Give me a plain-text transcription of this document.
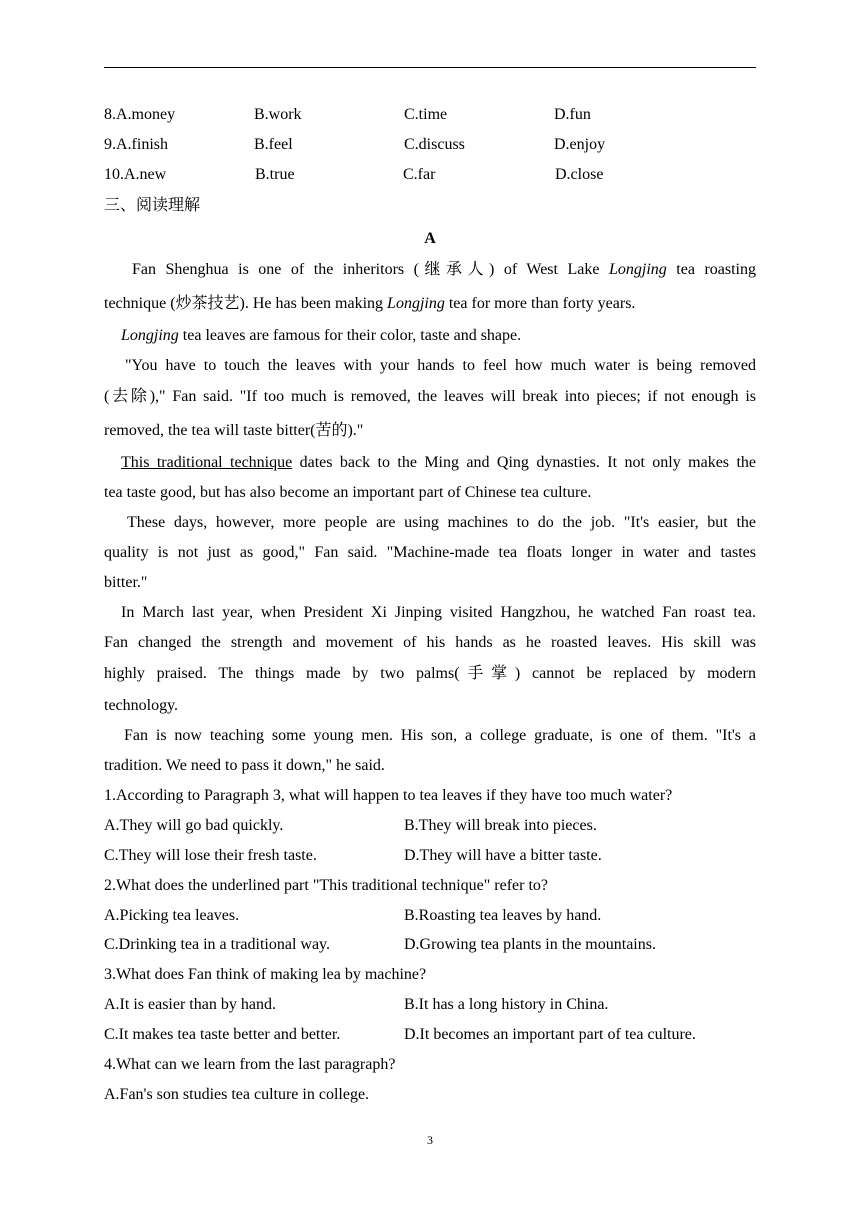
8.A.money	B.work	C.time	D.fun
9.A.finish	B.feel	C.discuss	D.enjoy
10.A.new	B.true	C.far	D.close
三、阅读理解
A
Fan Shenghua is one of the inheritors (继承人) of West Lake Longjing tea roasting
technique (炒茶技艺). He has been making Longjing tea for more than forty years.
Longjing tea leaves are famous for their color, taste and shape.
"You have to touch the leaves with your hands to feel how much water is being removed
(去除)," Fan said. "If too much is removed, the leaves will break into pieces; if not enough is
removed, the tea will taste bitter(苦的)."
This traditional technique dates back to the Ming and Qing dynasties. It not only makes the
tea taste good, but has also become an important part of Chinese tea culture.
These days, however, more people are using machines to do the job. "It's easier, but the
quality is not just as good," Fan said. "Machine-made tea floats longer in water and tastes
bitter."
In March last year, when President Xi Jinping visited Hangzhou, he watched Fan roast tea.
Fan changed the strength and movement of his hands as he roasted leaves. His skill was
highly praised. The things made by two palms(手掌) cannot be replaced by modern
technology.
Fan is now teaching some young men. His son, a college graduate, is one of them. "It's a
tradition. We need to pass it down," he said.
1.According to Paragraph 3, what will happen to tea leaves if they have too much water?
A.They will go bad quickly.	B.They will break into pieces.
C.They will lose their fresh taste.	D.They will have a bitter taste.
2.What does the underlined part "This traditional technique" refer to?
A.Picking tea leaves.	B.Roasting tea leaves by hand.
C.Drinking tea in a traditional way.	D.Growing tea plants in the mountains.
3.What does Fan think of making lea by machine?
A.It is easier than by hand.	B.It has a long history in China.
C.It makes tea taste better and better.	D.It becomes an important part of tea culture.
4.What can we learn from the last paragraph?
A.Fan's son studies tea culture in college.
3
